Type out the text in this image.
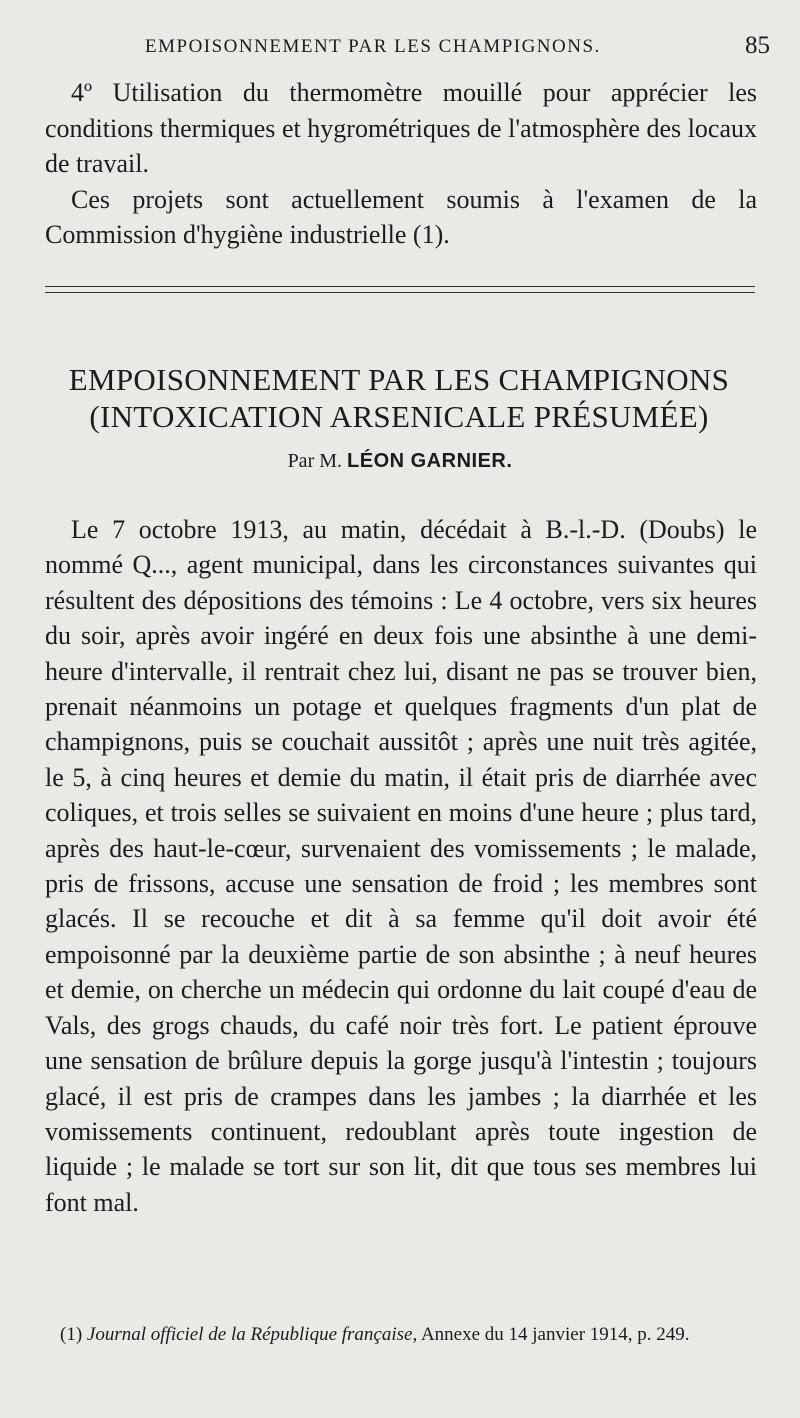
EMPOISONNEMENT PAR LES CHAMPIGNONS.	85

4º Utilisation du thermomètre mouillé pour apprécier les conditions thermiques et hygrométriques de l'atmosphère des locaux de travail.

Ces projets sont actuellement soumis à l'examen de la Commission d'hygiène industrielle (1).

EMPOISONNEMENT PAR LES CHAMPIGNONS
(INTOXICATION ARSENICALE PRÉSUMÉE)
Par M. LÉON GARNIER.

Le 7 octobre 1913, au matin, décédait à B.-l.-D. (Doubs) le nommé Q..., agent municipal, dans les circonstances suivantes qui résultent des dépositions des témoins : Le 4 octobre, vers six heures du soir, après avoir ingéré en deux fois une absinthe à une demi-heure d'intervalle, il rentrait chez lui, disant ne pas se trouver bien, prenait néanmoins un potage et quelques fragments d'un plat de champignons, puis se couchait aussitôt ; après une nuit très agitée, le 5, à cinq heures et demie du matin, il était pris de diarrhée avec coliques, et trois selles se suivaient en moins d'une heure ; plus tard, après des haut-le-cœur, survenaient des vomissements ; le malade, pris de frissons, accuse une sensation de froid ; les membres sont glacés. Il se recouche et dit à sa femme qu'il doit avoir été empoisonné par la deuxième partie de son absinthe ; à neuf heures et demie, on cherche un médecin qui ordonne du lait coupé d'eau de Vals, des grogs chauds, du café noir très fort. Le patient éprouve une sensation de brûlure depuis la gorge jusqu'à l'intestin ; toujours glacé, il est pris de crampes dans les jambes ; la diarrhée et les vomissements continuent, redoublant après toute ingestion de liquide ; le malade se tort sur son lit, dit que tous ses membres lui font mal.

(1) Journal officiel de la République française, Annexe du 14 janvier 1914, p. 249.
